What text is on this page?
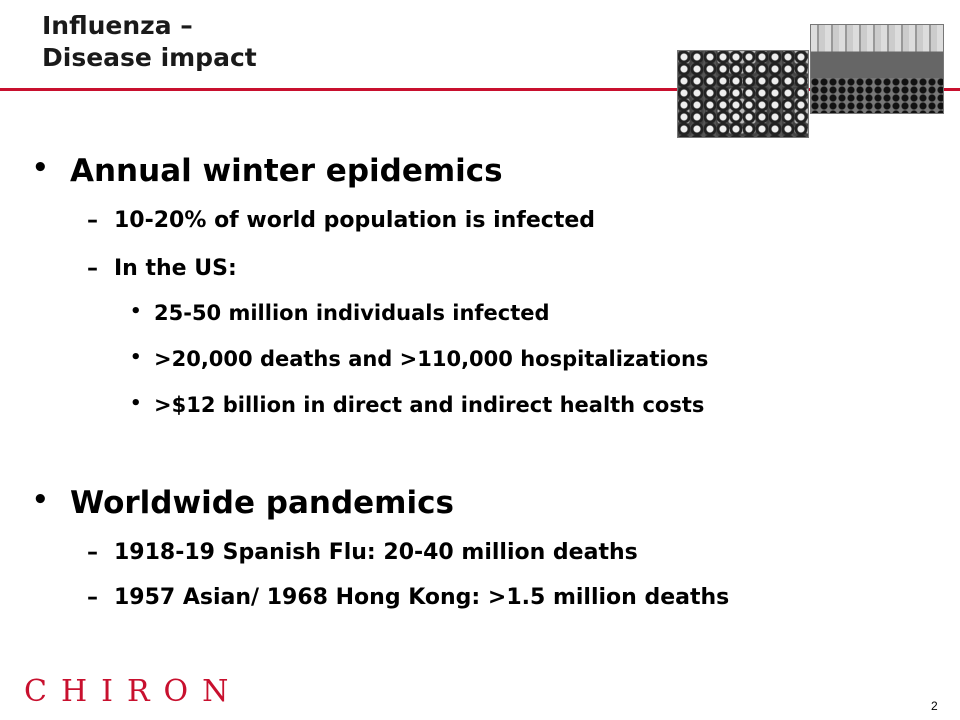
Influenza –
Disease impact
• Annual winter epidemics
– 10-20% of world population is infected
– In the US:
• 25-50 million individuals infected
• >20,000 deaths and >110,000 hospitalizations
• >$12 billion in direct and indirect health costs
• Worldwide pandemics
– 1918-19 Spanish Flu: 20-40 million deaths
– 1957 Asian/ 1968 Hong Kong: >1.5 million deaths
CHIRON	2
